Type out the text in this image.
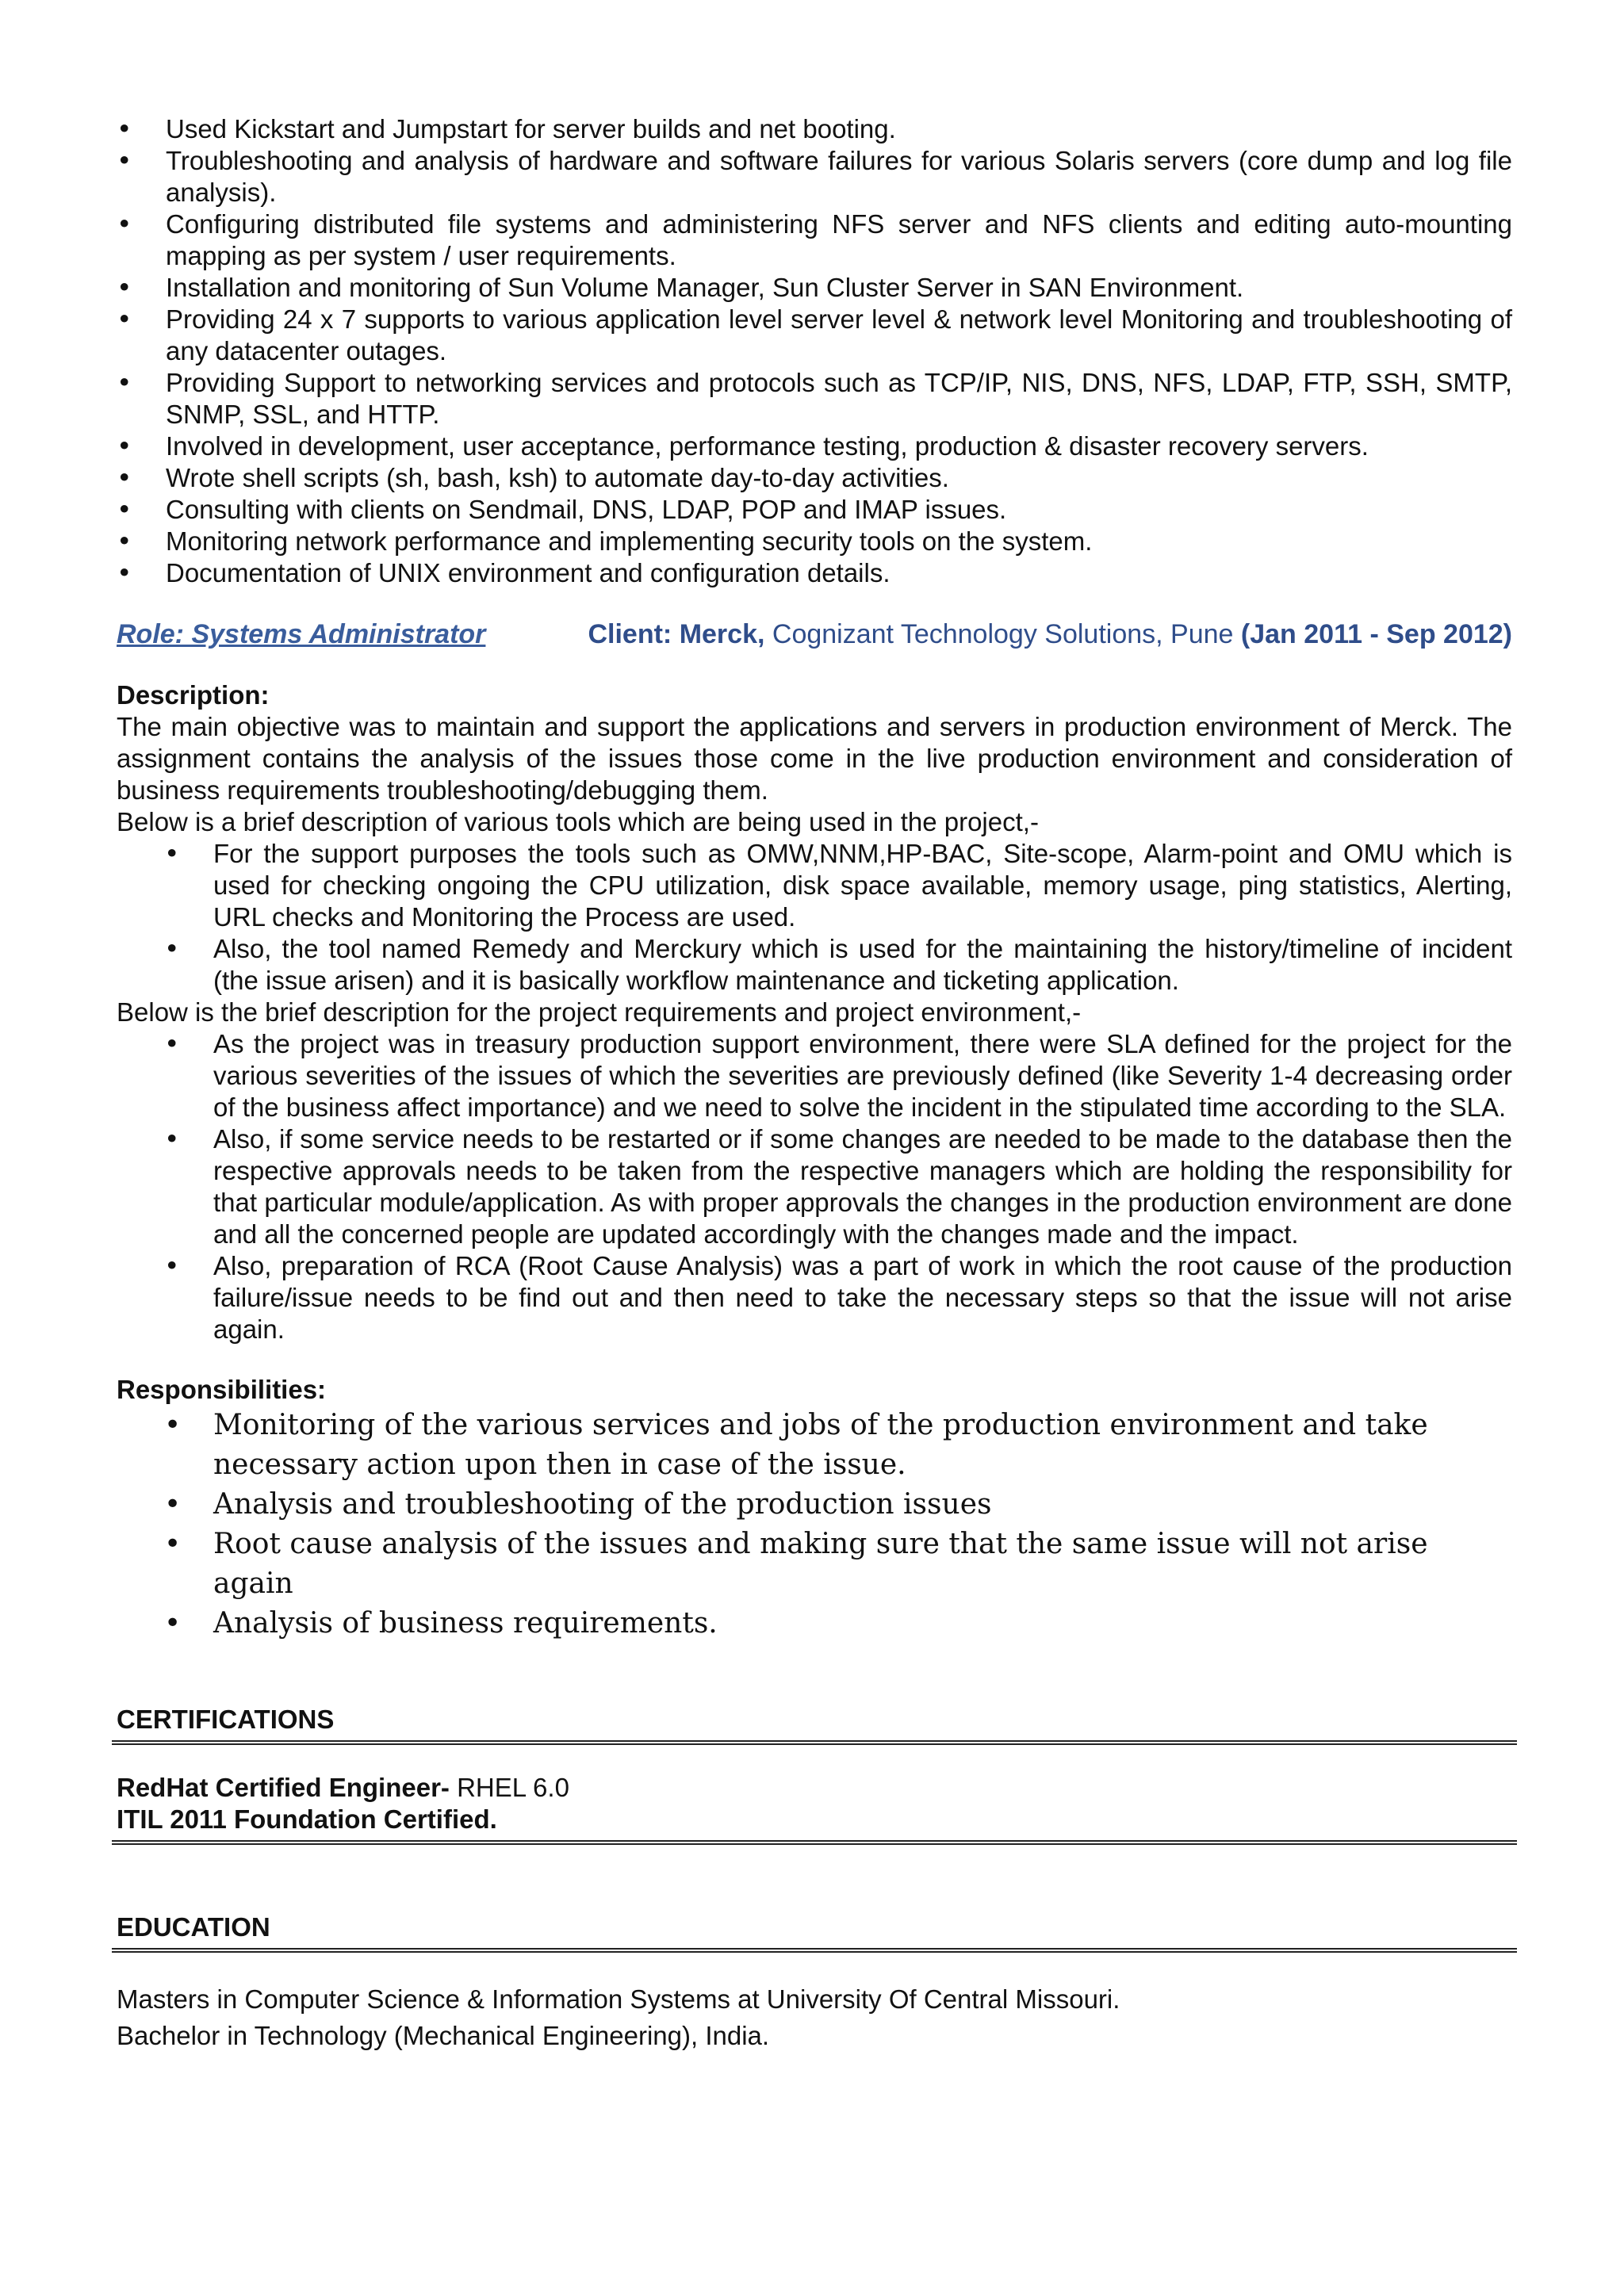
• Used Kickstart and Jumpstart for server builds and net booting.
• Troubleshooting and analysis of hardware and software failures for various Solaris servers (core dump and log file analysis).
• Configuring distributed file systems and administering NFS server and NFS clients and editing auto-mounting mapping as per system / user requirements.
• Installation and monitoring of Sun Volume Manager, Sun Cluster Server in SAN Environment.
• Providing 24 x 7 supports to various application level server level & network level Monitoring and troubleshooting of any datacenter outages.
• Providing Support to networking services and protocols such as TCP/IP, NIS, DNS, NFS, LDAP, FTP, SSH, SMTP, SNMP, SSL, and HTTP.
• Involved in development, user acceptance, performance testing, production & disaster recovery servers.
• Wrote shell scripts (sh, bash, ksh) to automate day-to-day activities.
• Consulting with clients on Sendmail, DNS, LDAP, POP and IMAP issues.
• Monitoring network performance and implementing security tools on the system.
• Documentation of UNIX environment and configuration details.
Role: Systems Administrator	Client: Merck, Cognizant Technology Solutions, Pune (Jan 2011 - Sep 2012)
Description:

The main objective was to maintain and support the applications and servers in production environment of Merck. The assignment contains the analysis of the issues those come in the live production environment and consideration of business requirements troubleshooting/debugging them.

Below is a brief description of various tools which are being used in the project,-

• For the support purposes the tools such as OMW,NNM,HP-BAC, Site-scope, Alarm-point and OMU which is used for checking ongoing the CPU utilization, disk space available, memory usage, ping statistics, Alerting, URL checks and Monitoring the Process are used.
• Also, the tool named Remedy and Merckury which is used for the maintaining the history/timeline of incident (the issue arisen) and it is basically workflow maintenance and ticketing application.

Below is the brief description for the project requirements and project environment,-

• As the project was in treasury production support environment, there were SLA defined for the project for the various severities of the issues of which the severities are previously defined (like Severity 1-4 decreasing order of the business affect importance) and we need to solve the incident in the stipulated time according to the SLA.
• Also, if some service needs to be restarted or if some changes are needed to be made to the database then the respective approvals needs to be taken from the respective managers which are holding the responsibility for that particular module/application. As with proper approvals the changes in the production environment are done and all the concerned people are updated accordingly with the changes made and the impact.
• Also, preparation of RCA (Root Cause Analysis) was a part of work in which the root cause of the production failure/issue needs to be find out and then need to take the necessary steps so that the issue will not arise again.
Responsibilities:
• Monitoring of the various services and jobs of the production environment and take necessary action upon then in case of the issue.
• Analysis and troubleshooting of the production issues
• Root cause analysis of the issues and making sure that the same issue will not arise again
• Analysis of business requirements.
CERTIFICATIONS
RedHat Certified Engineer- RHEL 6.0
ITIL 2011 Foundation Certified.
EDUCATION
Masters in Computer Science & Information Systems at University Of Central Missouri.
Bachelor in Technology (Mechanical Engineering), India.
